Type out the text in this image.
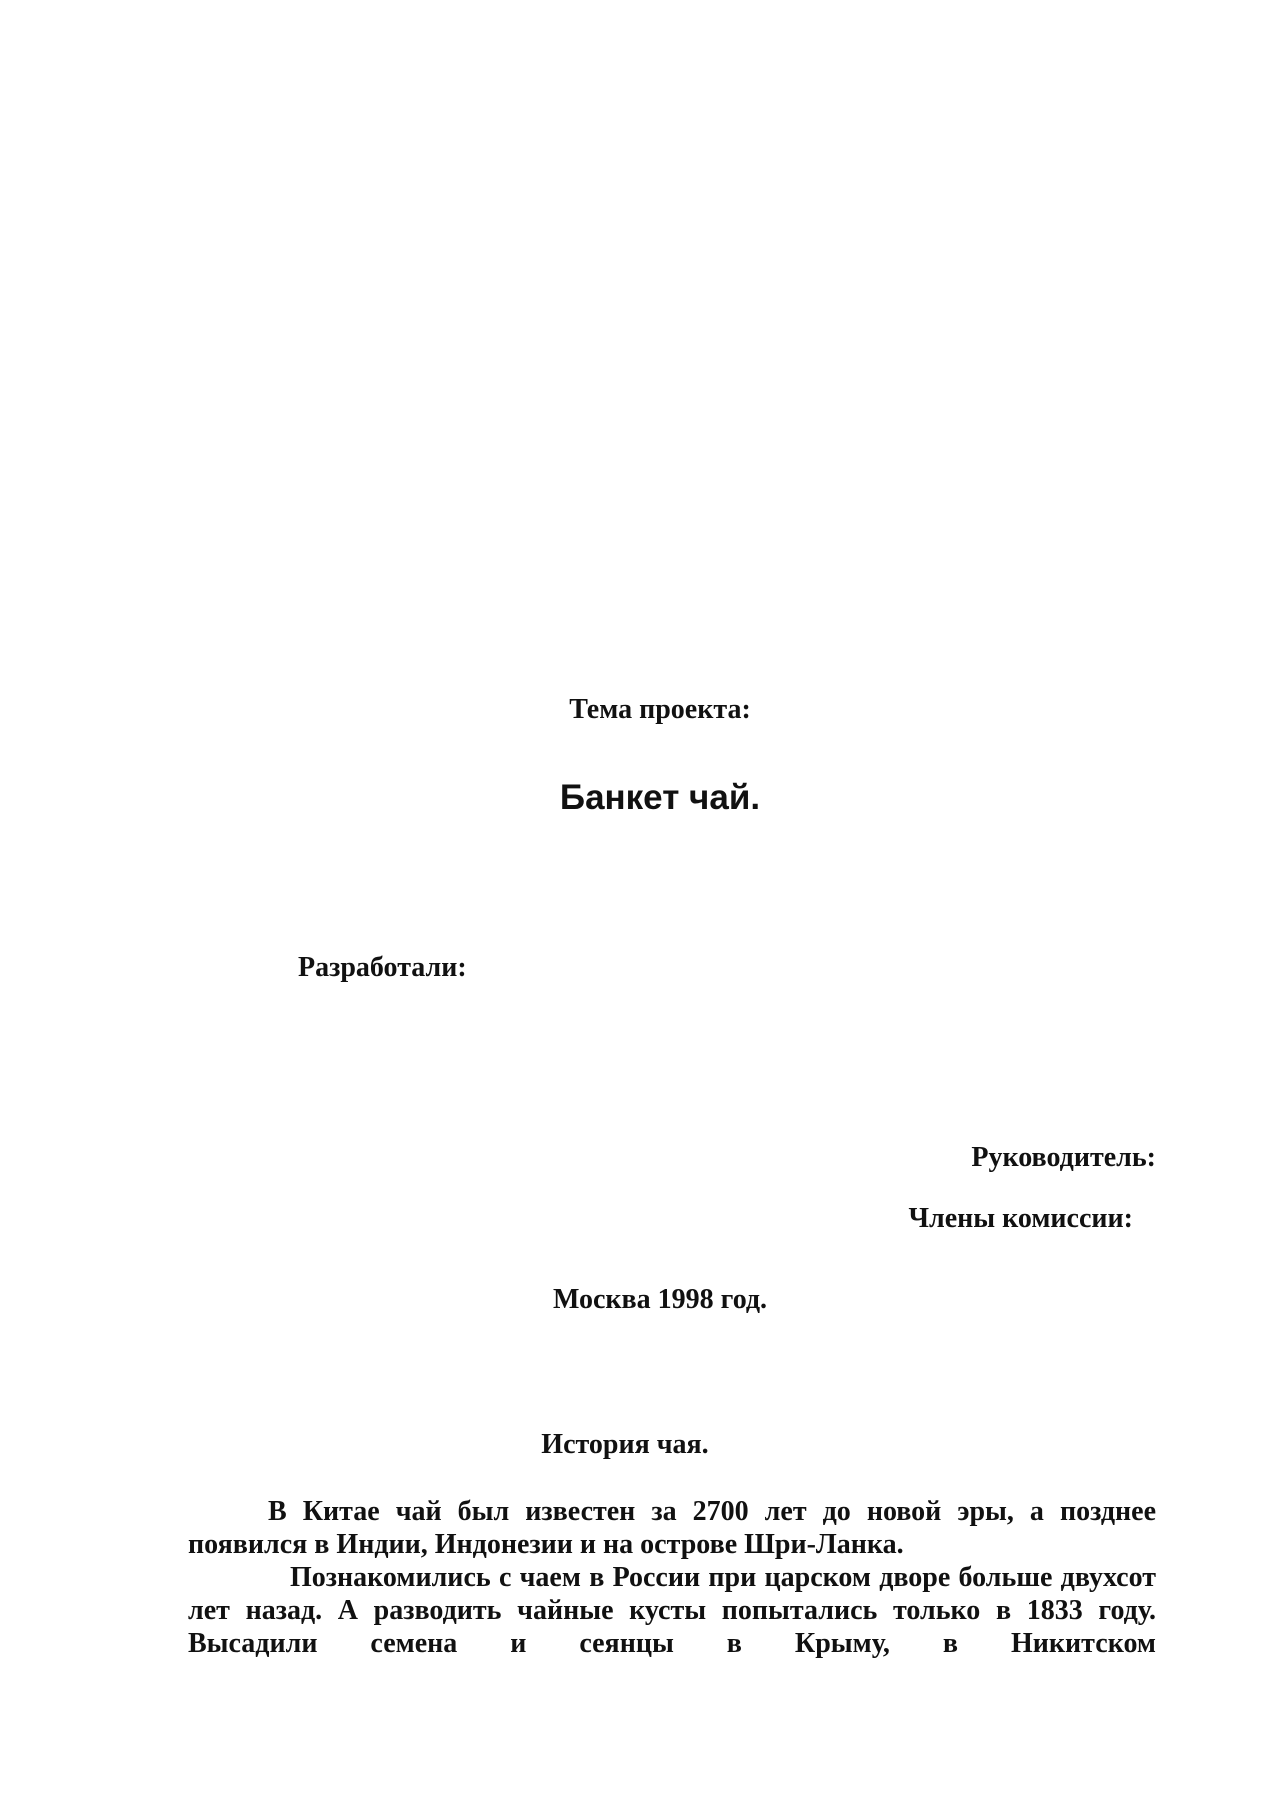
Тема проекта:

Банкет чай.

Разработали:

Руководитель:

Члены комиссии:

Москва 1998 год.

История чая.

В Китае чай был известен за 2700 лет до новой эры, а позднее появился в Индии, Индонезии и на острове Шри-Ланка.

Познакомились с чаем в России при царском дворе больше двухсот лет назад. А разводить чайные кусты попытались только в 1833 году. Высадили семена и сеянцы в Крыму, в Никитском
